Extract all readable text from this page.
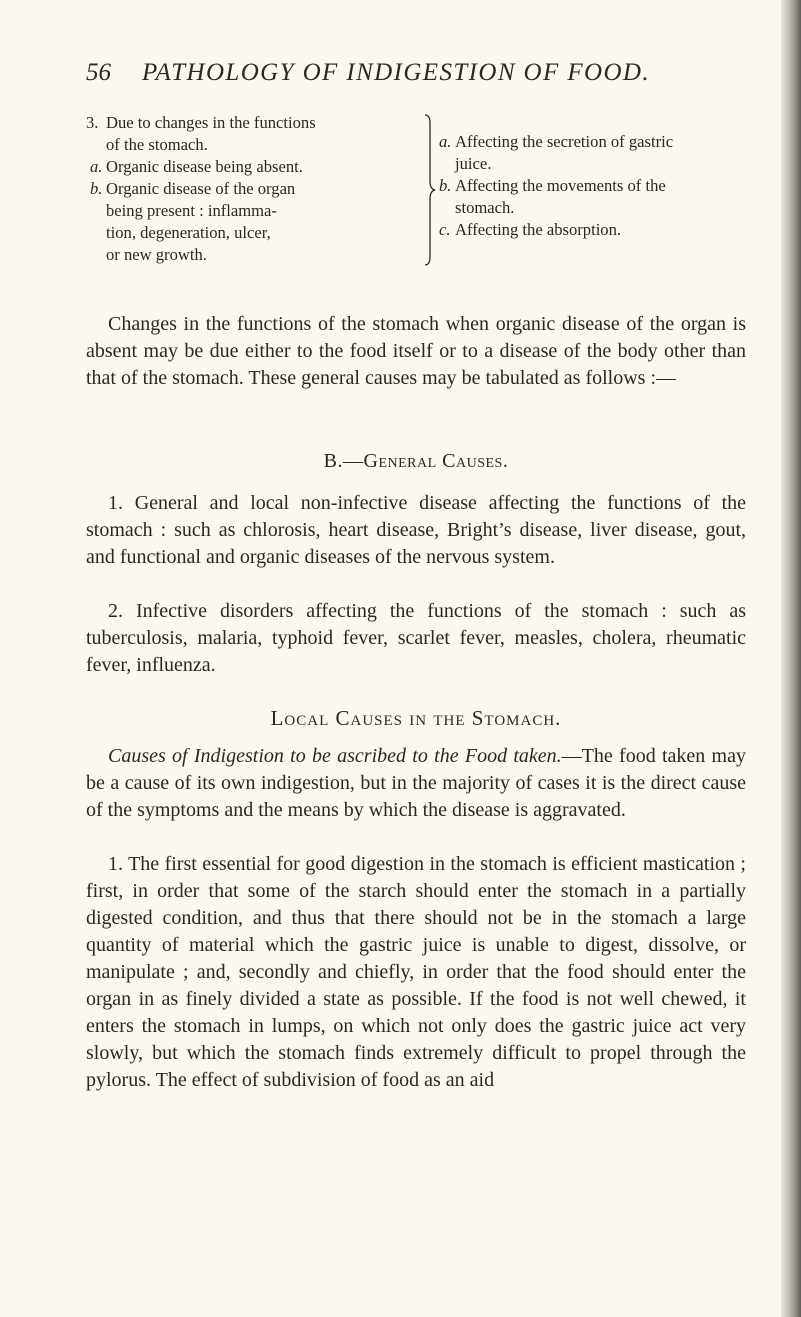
56 PATHOLOGY OF INDIGESTION OF FOOD.
3. Due to changes in the functions
of the stomach.
a. Organic disease being absent.
b. Organic disease of the organ
being present : inflamma-
tion, degeneration, ulcer,
or new growth.
a. Affecting the secretion of gastric
juice.
b. Affecting the movements of the
stomach.
c. Affecting the absorption.

Changes in the functions of the stomach when organic disease of the organ is absent may be due either to the food itself or to a disease of the body other than that of the stomach. These general causes may be tabulated as follows :—

B.—General Causes.

1. General and local non-infective disease affecting the functions of the stomach : such as chlorosis, heart disease, Bright’s disease, liver disease, gout, and functional and organic diseases of the nervous system.

2. Infective disorders affecting the functions of the stomach : such as tuberculosis, malaria, typhoid fever, scarlet fever, measles, cholera, rheumatic fever, influenza.

Local Causes in the Stomach.

Causes of Indigestion to be ascribed to the Food taken.—The food taken may be a cause of its own indigestion, but in the majority of cases it is the direct cause of the symptoms and the means by which the disease is aggravated.

1. The first essential for good digestion in the stomach is efficient mastication ; first, in order that some of the starch should enter the stomach in a partially digested condition, and thus that there should not be in the stomach a large quantity of material which the gastric juice is unable to digest, dissolve, or manipulate ; and, secondly and chiefly, in order that the food should enter the organ in as finely divided a state as possible. If the food is not well chewed, it enters the stomach in lumps, on which not only does the gastric juice act very slowly, but which the stomach finds extremely difficult to propel through the pylorus. The effect of subdivision of food as an aid
